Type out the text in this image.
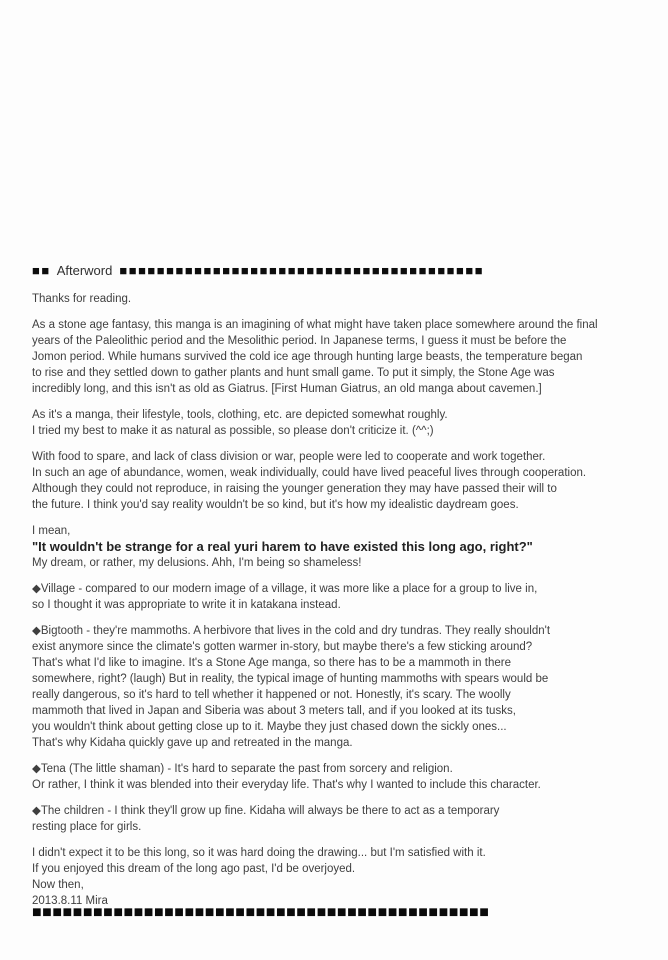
■■ Afterword ■■■■■■■■■■■■■■■■■■■■■■■■■■■■■■■■■■■■■■■
Thanks for reading.
As a stone age fantasy, this manga is an imagining of what might have taken place somewhere around the final
years of the Paleolithic period and the Mesolithic period. In Japanese terms, I guess it must be before the
Jomon period. While humans survived the cold ice age through hunting large beasts, the temperature began
to rise and they settled down to gather plants and hunt small game. To put it simply, the Stone Age was
incredibly long, and this isn't as old as Giatrus. [First Human Giatrus, an old manga about cavemen.]
As it's a manga, their lifestyle, tools, clothing, etc. are depicted somewhat roughly.
I tried my best to make it as natural as possible, so please don't criticize it. (^^;)
With food to spare, and lack of class division or war, people were led to cooperate and work together.
In such an age of abundance, women, weak individually, could have lived peaceful lives through cooperation.
Although they could not reproduce, in raising the younger generation they may have passed their will to
the future. I think you'd say reality wouldn't be so kind, but it's how my idealistic daydream goes.
I mean,
"It wouldn't be strange for a real yuri harem to have existed this long ago, right?"
My dream, or rather, my delusions. Ahh, I'm being so shameless!
◆Village - compared to our modern image of a village, it was more like a place for a group to live in,
so I thought it was appropriate to write it in katakana instead.
◆Bigtooth - they're mammoths. A herbivore that lives in the cold and dry tundras. They really shouldn't
exist anymore since the climate's gotten warmer in-story, but maybe there's a few sticking around?
That's what I'd like to imagine. It's a Stone Age manga, so there has to be a mammoth in there
somewhere, right? (laugh) But in reality, the typical image of hunting mammoths with spears would be
really dangerous, so it's hard to tell whether it happened or not. Honestly, it's scary. The woolly
mammoth that lived in Japan and Siberia was about 3 meters tall, and if you looked at its tusks,
you wouldn't think about getting close up to it. Maybe they just chased down the sickly ones...
That's why Kidaha quickly gave up and retreated in the manga.
◆Tena (The little shaman) - It's hard to separate the past from sorcery and religion.
Or rather, I think it was blended into their everyday life. That's why I wanted to include this character.
◆The children - I think they'll grow up fine. Kidaha will always be there to act as a temporary
resting place for girls.
I didn't expect it to be this long, so it was hard doing the drawing... but I'm satisfied with it.
If you enjoyed this dream of the long ago past, I'd be overjoyed.
Now then,
2013.8.11 Mira
■■■■■■■■■■■■■■■■■■■■■■■■■■■■■■■■■■■■■■■■■■■■■
